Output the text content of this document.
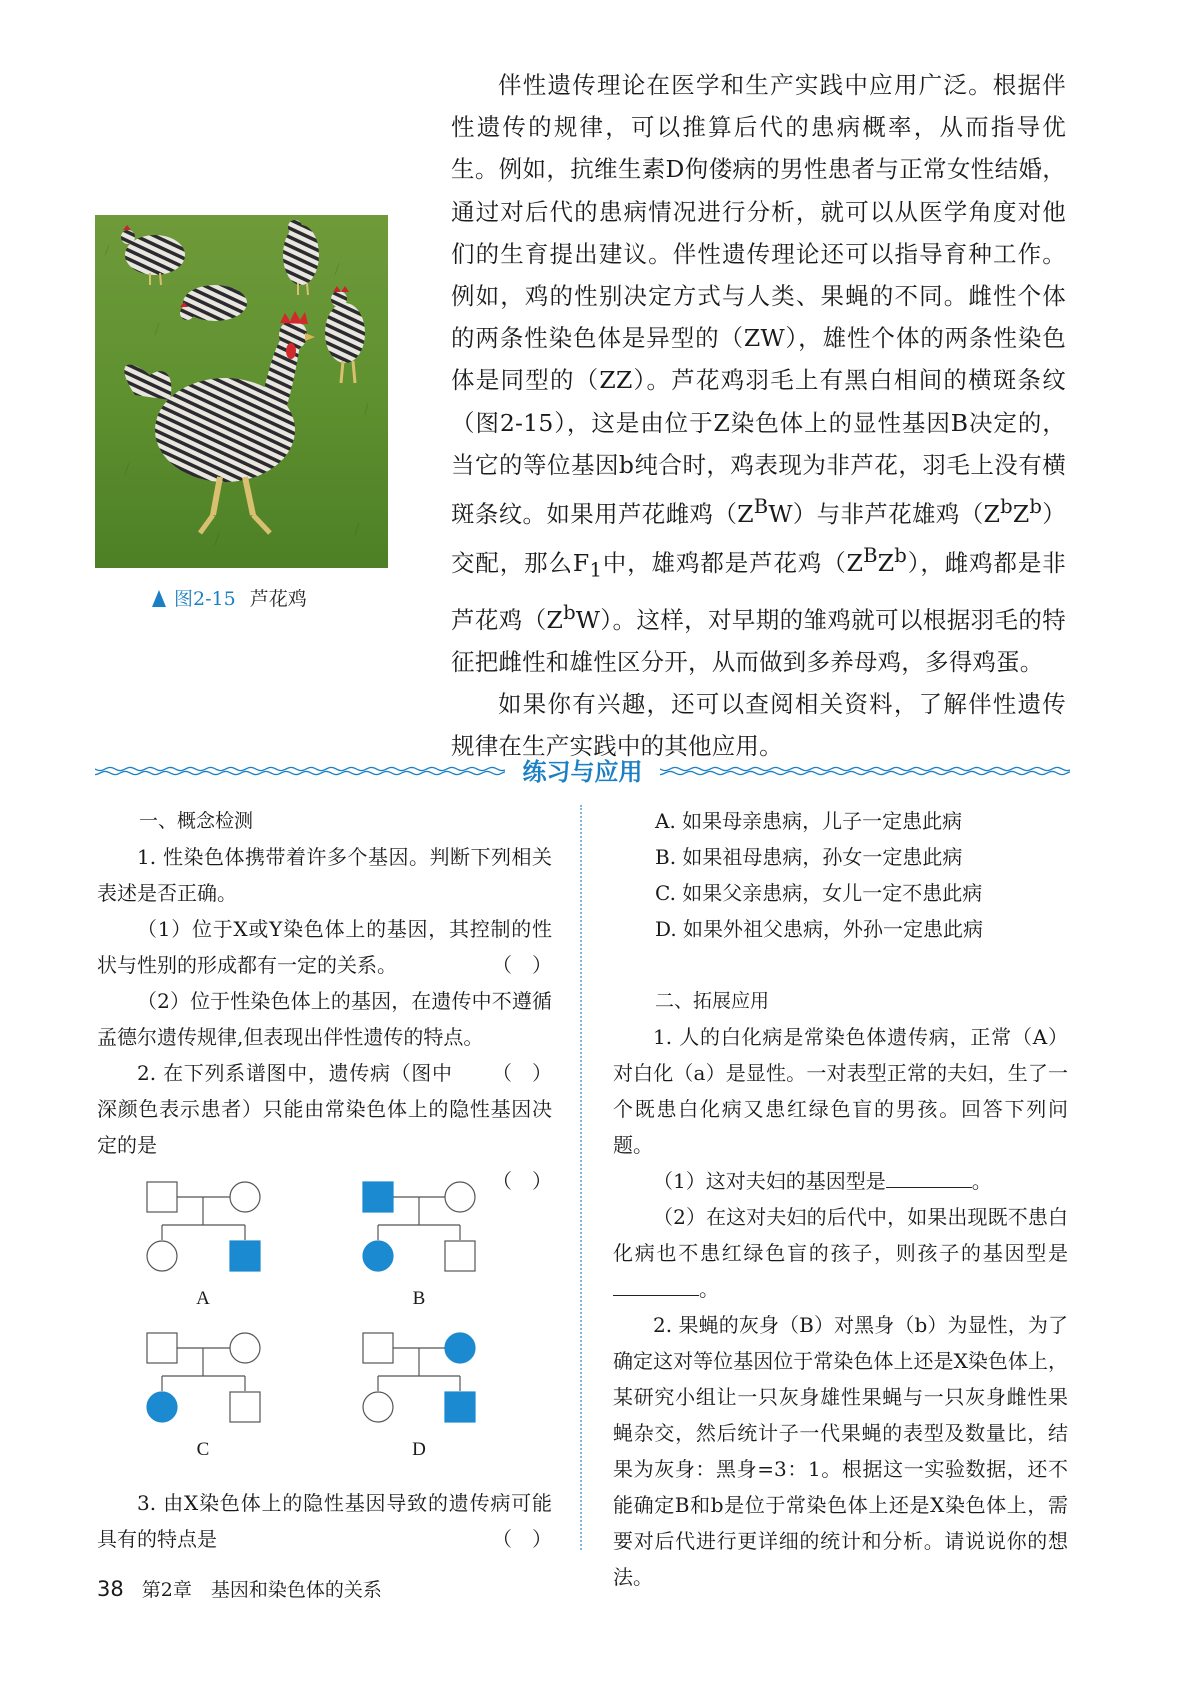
图2-15 芦花鸡

伴性遗传理论在医学和生产实践中应用广泛。根据伴性遗传的规律，可以推算后代的患病概率，从而指导优生。例如，抗维生素D佝偻病的男性患者与正常女性结婚，通过对后代的患病情况进行分析，就可以从医学角度对他们的生育提出建议。伴性遗传理论还可以指导育种工作。例如，鸡的性别决定方式与人类、果蝇的不同。雌性个体的两条性染色体是异型的（ZW），雄性个体的两条性染色体是同型的（ZZ）。芦花鸡羽毛上有黑白相间的横斑条纹（图2-15），这是由位于Z染色体上的显性基因B决定的，当它的等位基因b纯合时，鸡表现为非芦花，羽毛上没有横斑条纹。如果用芦花雌鸡$(Z^BW)$与非芦花雄鸡$(Z^bZ^b)$交配，那么$F_1$中，雄鸡都是芦花鸡$(Z^BZ^b)$，雌鸡都是非芦花鸡$(Z^bW)$。这样，对早期的雏鸡就可以根据羽毛的特征把雌性和雄性区分开，从而做到多养母鸡，多得鸡蛋。

如果你有兴趣，还可以查阅相关资料，了解伴性遗传规律在生产实践中的其他应用。

练习与应用

一、概念检测

1. 性染色体携带着许多个基因。判断下列相关表述是否正确。

（1）位于X或Y染色体上的基因，其控制的性状与性别的形成都有一定的关系。	（　）

（2）位于性染色体上的基因，在遗传中不遵循孟德尔遗传规律,但表现出伴性遗传的特点。
（　）

2. 在下列系谱图中，遗传病（图中深颜色表示患者）只能由常染色体上的隐性基因决定的是

（　）

A	B
C	D

3. 由X染色体上的隐性基因导致的遗传病可能具有的特点是	（　）

A. 如果母亲患病，儿子一定患此病

B. 如果祖母患病，孙女一定患此病

C. 如果父亲患病，女儿一定不患此病

D. 如果外祖父患病，外孙一定患此病

二、拓展应用

1. 人的白化病是常染色体遗传病，正常（A）对白化（a）是显性。一对表型正常的夫妇，生了一个既患白化病又患红绿色盲的男孩。回答下列问题。

（1）这对夫妇的基因型是	。

（2）在这对夫妇的后代中，如果出现既不患白化病也不患红绿色盲的孩子，则孩子的基因型是。

2. 果蝇的灰身（B）对黑身（b）为显性，为了确定这对等位基因位于常染色体上还是X染色体上，某研究小组让一只灰身雄性果蝇与一只灰身雌性果蝇杂交，然后统计子一代果蝇的表型及数量比，结果为灰身：黑身=3：1。根据这一实验数据，还不能确定B和b是位于常染色体上还是X染色体上，需要对后代进行更详细的统计和分析。请说说你的想法。

38 第2章　基因和染色体的关系
